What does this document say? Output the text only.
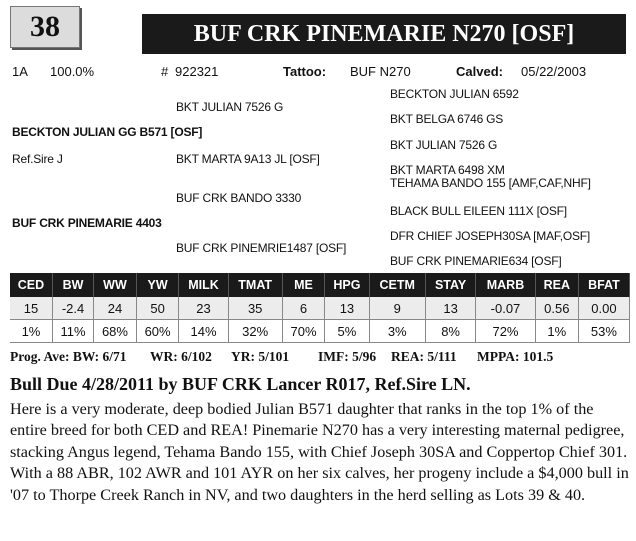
38	BUF CRK PINEMARIE N270 [OSF]
1A 100.0%	# 922321	Tattoo: BUF N270	Calved: 05/22/2003
BECKTON JULIAN 6592
BKT JULIAN 7526 G
BKT BELGA 6746 GS
BECKTON JULIAN GG B571 [OSF]
BKT JULIAN 7526 G
Ref.Sire J	BKT MARTA 9A13 JL [OSF]
BKT MARTA 6498 XM
TEHAMA BANDO 155 [AMF,CAF,NHF]
BUF CRK BANDO 3330
BLACK BULL EILEEN 111X [OSF]
BUF CRK PINEMARIE 4403
DFR CHIEF JOSEPH30SA [MAF,OSF]
BUF CRK PINEMRIE1487 [OSF]
BUF CRK PINEMARIE634 [OSF]
CED	BW	WW	YW	MILK	TMAT	ME	HPG	CETM	STAY	MARB	REA	BFAT
15	-2.4	24	50	23	35	6	13	9	13	-0.07	0.56	0.00
1%	11%	68%	60%	14%	32%	70%	5%	3%	8%	72%	1%	53%
Prog. Ave: BW: 6/71 WR: 6/102 YR: 5/101 IMF: 5/96 REA: 5/111 MPPA: 101.5
Bull Due 4/28/2011 by BUF CRK Lancer R017, Ref.Sire LN.
Here is a very moderate, deep bodied Julian B571 daughter that ranks in the top 1% of the entire breed for both CED and REA! Pinemarie N270 has a very interesting maternal pedigree, stacking Angus legend, Tehama Bando 155, with Chief Joseph 30SA and Coppertop Chief 301. With a 88 ABR, 102 AWR and 101 AYR on her six calves, her progeny include a $4,000 bull in '07 to Thorpe Creek Ranch in NV, and two daughters in the herd selling as Lots 39 & 40.
